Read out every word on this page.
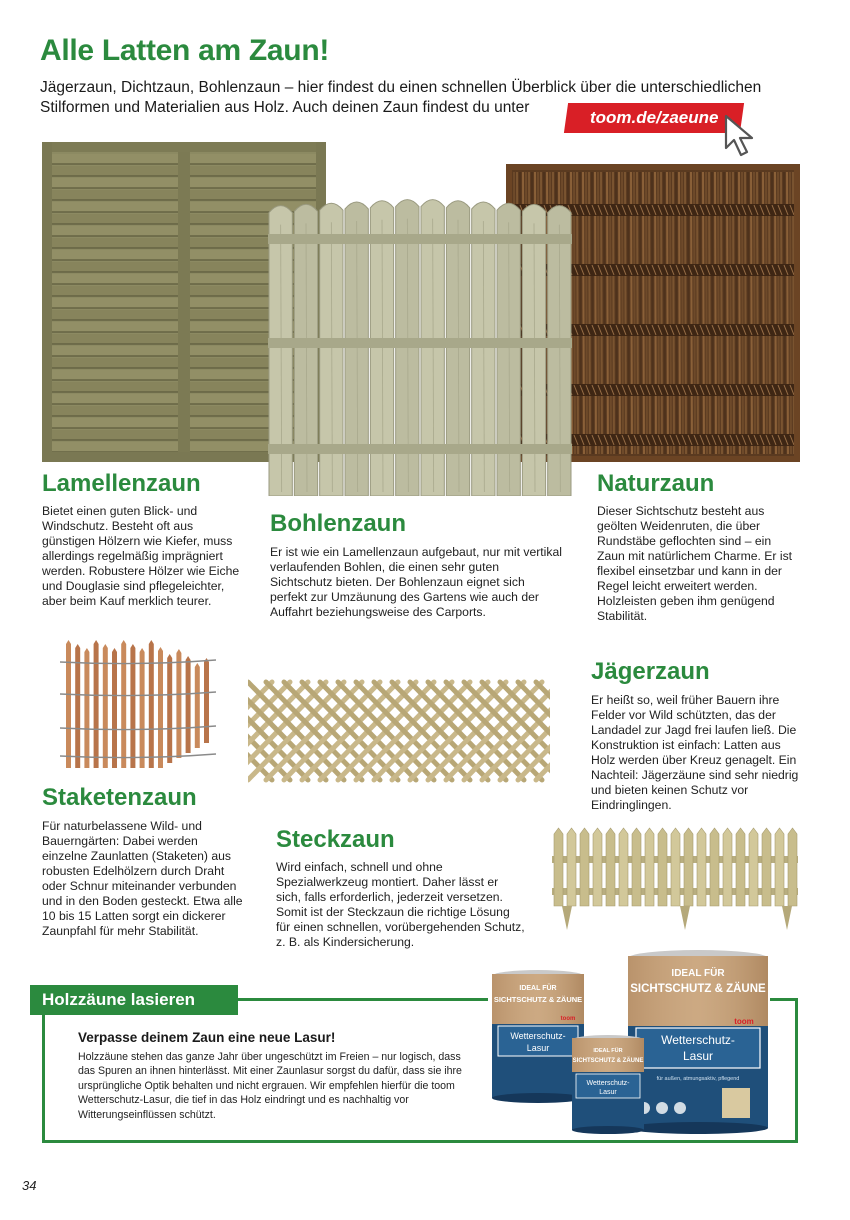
Alle Latten am Zaun!

Jägerzaun, Dichtzaun, Bohlenzaun – hier findest du einen schnellen Überblick über die unterschiedlichen Stilformen und Materialien aus Holz. Auch deinen Zaun findest du unter

toom.de/zaeune
Lamellenzaun

Bietet einen guten Blick- und Windschutz. Besteht oft aus günstigen Hölzern wie Kiefer, muss allerdings regelmäßig imprägniert werden. Robustere Hölzer wie Eiche und Douglasie sind pflegeleichter, aber beim Kauf merklich teurer.

Bohlenzaun

Er ist wie ein Lamellenzaun aufgebaut, nur mit vertikal verlaufenden Bohlen, die einen sehr guten Sichtschutz bieten. Der Bohlenzaun eignet sich perfekt zur Umzäunung des Gartens wie auch der Auffahrt beziehungsweise des Carports.

Naturzaun

Dieser Sichtschutz besteht aus geölten Weidenruten, die über Rundstäbe geflochten sind – ein Zaun mit natürlichem Charme. Er ist flexibel einsetzbar und kann in der Regel leicht erweitert werden. Holzleisten geben ihm genügend Stabilität.

Jägerzaun

Er heißt so, weil früher Bauern ihre Felder vor Wild schützten, das der Landadel zur Jagd frei laufen ließ. Die Konstruktion ist einfach: Latten aus Holz werden über Kreuz genagelt. Ein Nachteil: Jägerzäune sind sehr niedrig und bieten keinen Schutz vor Eindringlingen.

Staketenzaun

Für naturbelassene Wild- und Bauerngärten: Dabei werden einzelne Zaunlatten (Staketen) aus robusten Edelhölzern durch Draht oder Schnur miteinander verbunden und in den Boden gesteckt. Etwa alle 10 bis 15 Latten sorgt ein dickerer Zaunpfahl für mehr Stabilität.

Steckzaun

Wird einfach, schnell und ohne Spezialwerkzeug montiert. Daher lässt er sich, falls erforderlich, jederzeit versetzen. Somit ist der Steckzaun die richtige Lösung für einen schnellen, vorübergehenden Schutz, z. B. als Kindersicherung.

Holzzäune lasieren

Verpasse deinem Zaun eine neue Lasur!

Holzzäune stehen das ganze Jahr über ungeschützt im Freien – nur logisch, dass das Spuren an ihnen hinterlässt. Mit einer Zaunlasur sorgst du dafür, dass sie ihre ursprüngliche Optik behalten und nicht ergrauen. Wir empfehlen hierfür die toom Wetterschutz-Lasur, die tief in das Holz eindringt und es nachhaltig vor Witterungseinflüssen schützt.

IDEAL FÜR
SICHTSCHUTZ & ZÄUNE
toom
Wetterschutz-
Lasur
für außen, atmungsaktiv, pflegend
IDEAL FÜR
SICHTSCHUTZ & ZÄUNE
toom
Wetterschutz-
Lasur	IDEAL FÜR
SICHTSCHUTZ & ZÄUNE
Wetterschutz-
Lasur
34
